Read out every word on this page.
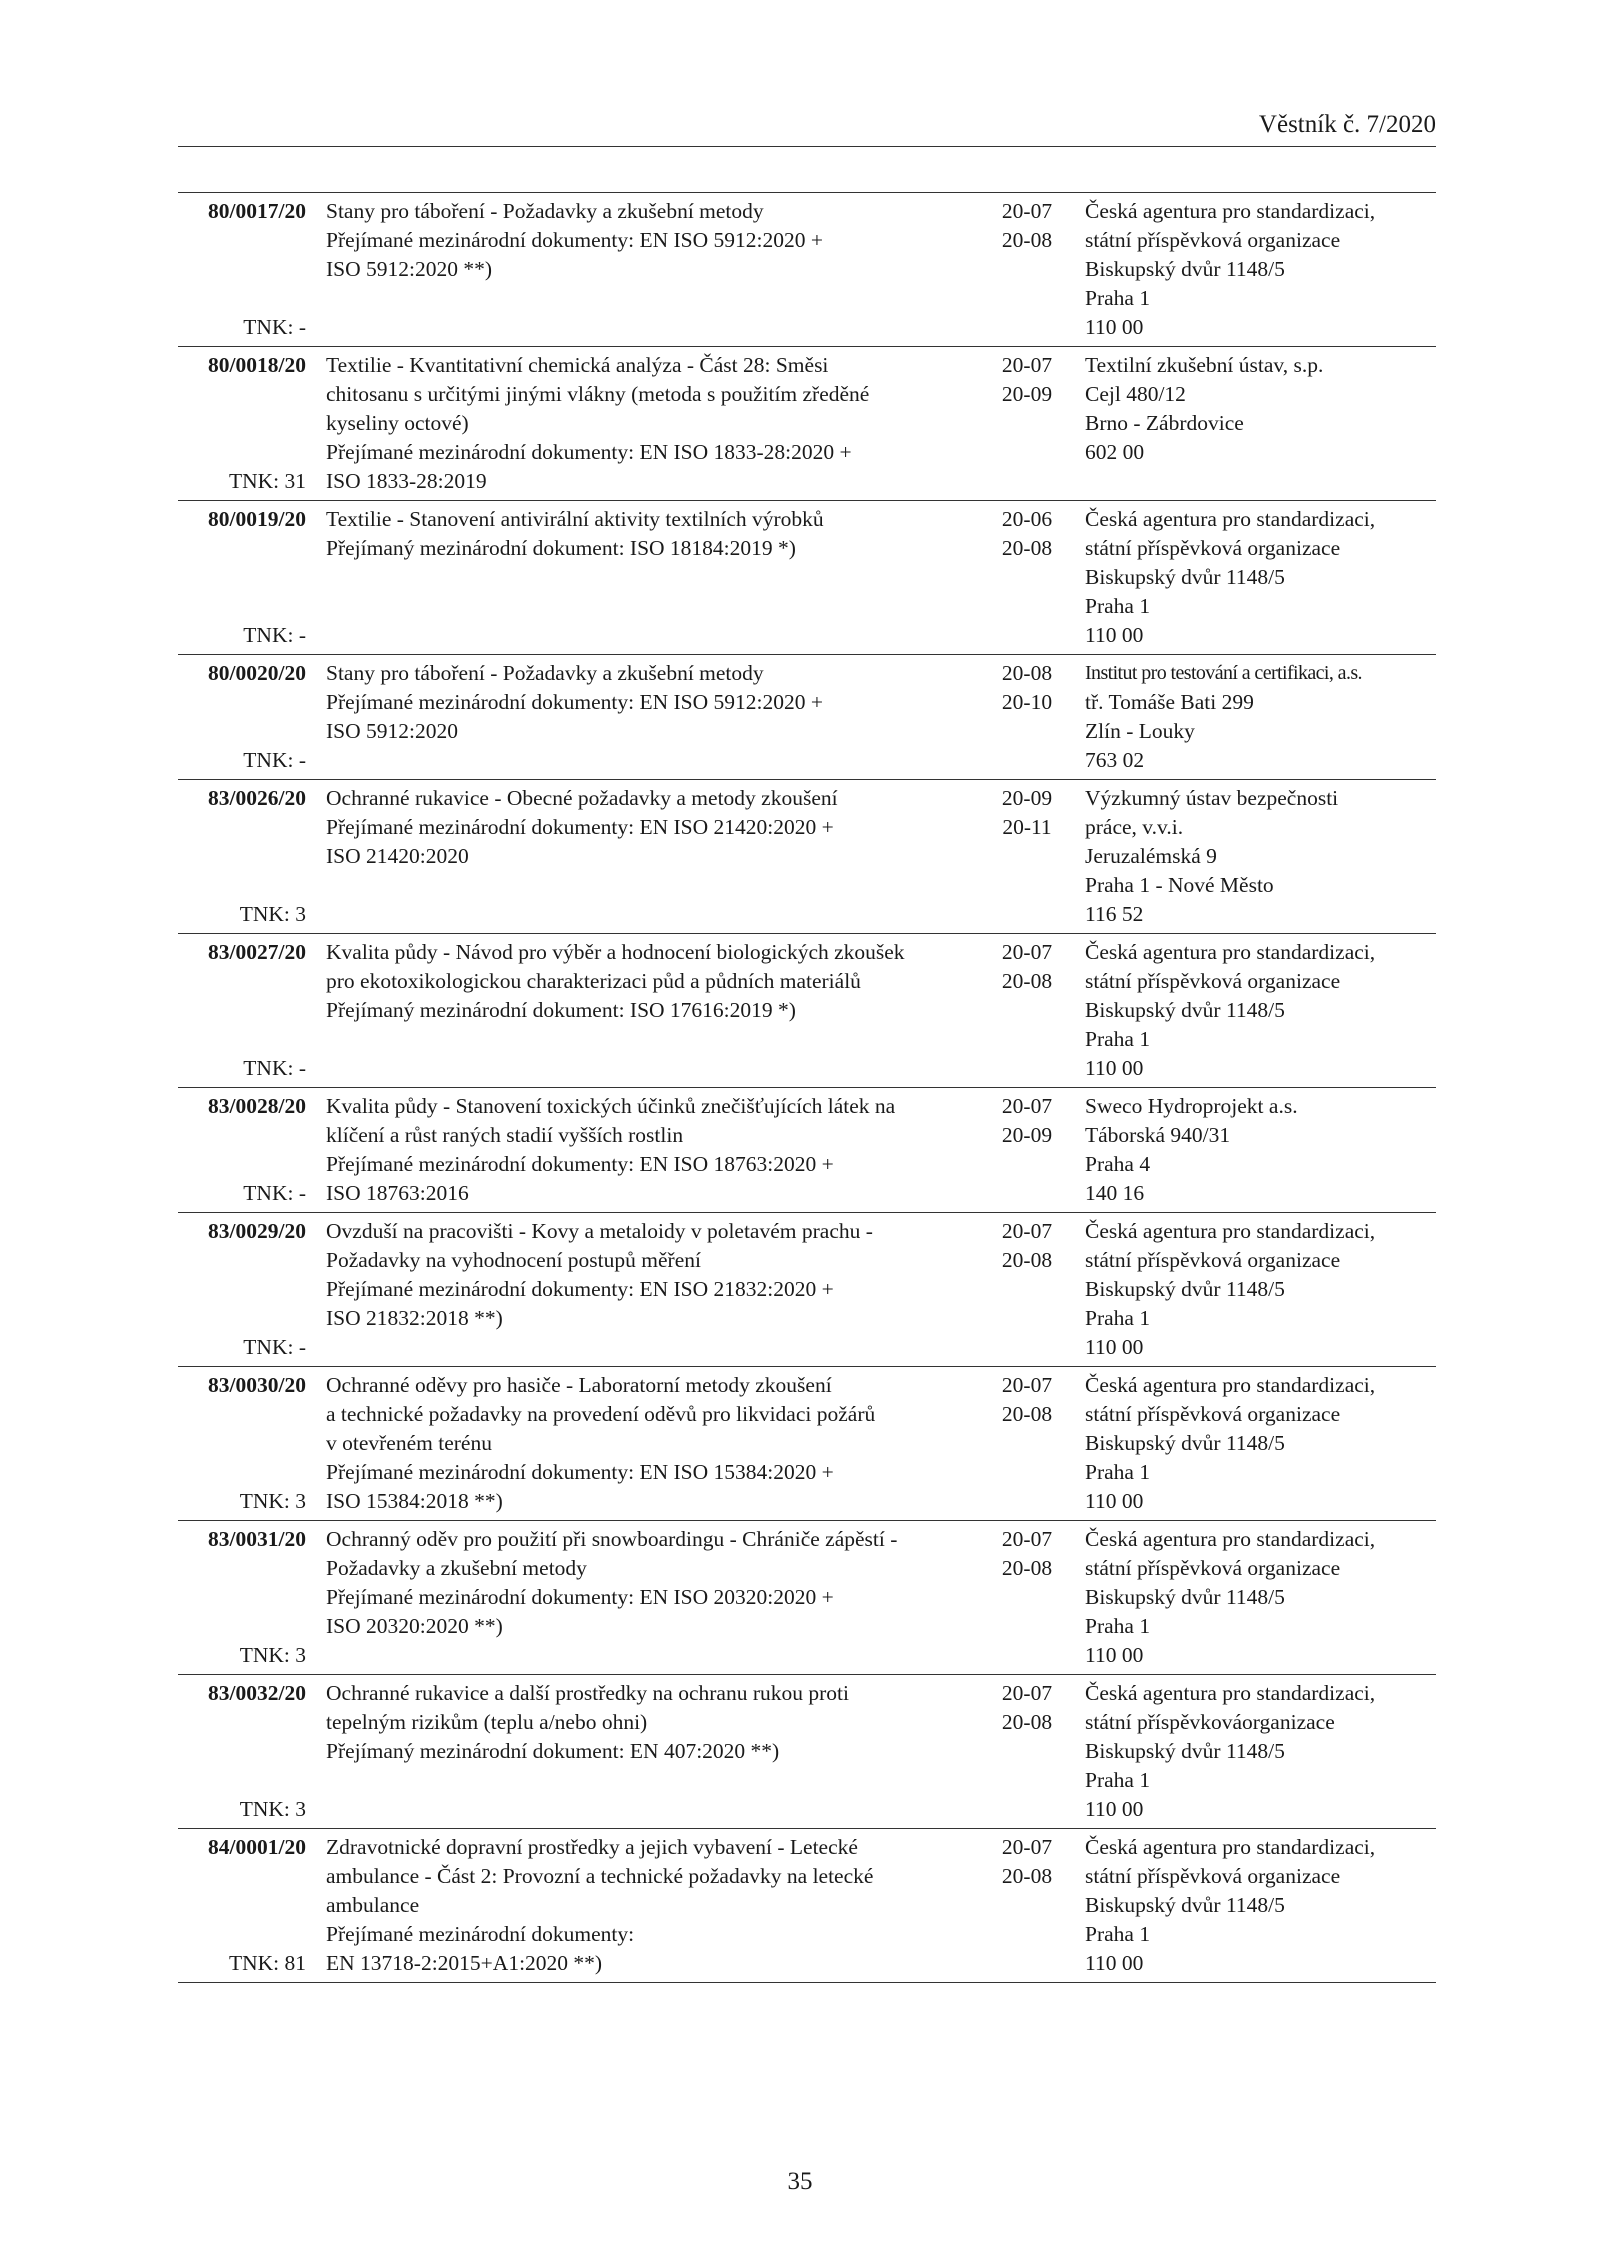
Věstník č. 7/2020
80/0017/20
TNK: -
Stany pro táboření - Požadavky a zkušební metody
Přejímané mezinárodní dokumenty: EN ISO 5912:2020 +
ISO 5912:2020 **)
20-07
20-08
Česká agentura pro standardizaci,
státní příspěvková organizace
Biskupský dvůr 1148/5
Praha 1
110 00
80/0018/20
TNK: 31
Textilie - Kvantitativní chemická analýza - Část 28: Směsi
chitosanu s určitými jinými vlákny (metoda s použitím zředěné
kyseliny octové)
Přejímané mezinárodní dokumenty: EN ISO 1833-28:2020 +
ISO 1833-28:2019
20-07
20-09
Textilní zkušební ústav, s.p.
Cejl 480/12
Brno - Zábrdovice
602 00
80/0019/20
TNK: -
Textilie - Stanovení antivirální aktivity textilních výrobků
Přejímaný mezinárodní dokument: ISO 18184:2019 *)
20-06
20-08
Česká agentura pro standardizaci,
státní příspěvková organizace
Biskupský dvůr 1148/5
Praha 1
110 00
80/0020/20
TNK: -
Stany pro táboření - Požadavky a zkušební metody
Přejímané mezinárodní dokumenty: EN ISO 5912:2020 +
ISO 5912:2020
20-08
20-10
Institut pro testování a certifikaci, a.s.
tř. Tomáše Bati 299
Zlín - Louky
763 02
83/0026/20
TNK: 3
Ochranné rukavice - Obecné požadavky a metody zkoušení
Přejímané mezinárodní dokumenty: EN ISO 21420:2020 +
ISO 21420:2020
20-09
20-11
Výzkumný ústav bezpečnosti
práce, v.v.i.
Jeruzalémská 9
Praha 1 - Nové Město
116 52
83/0027/20
TNK: -
Kvalita půdy - Návod pro výběr a hodnocení biologických zkoušek
pro ekotoxikologickou charakterizaci půd a půdních materiálů
Přejímaný mezinárodní dokument: ISO 17616:2019 *)
20-07
20-08
Česká agentura pro standardizaci,
státní příspěvková organizace
Biskupský dvůr 1148/5
Praha 1
110 00
83/0028/20
TNK: -
Kvalita půdy - Stanovení toxických účinků znečišťujících látek na
klíčení a růst raných stadií vyšších rostlin
Přejímané mezinárodní dokumenty: EN ISO 18763:2020 +
ISO 18763:2016
20-07
20-09
Sweco Hydroprojekt a.s.
Táborská 940/31
Praha 4
140 16
83/0029/20
TNK: -
Ovzduší na pracovišti - Kovy a metaloidy v poletavém prachu -
Požadavky na vyhodnocení postupů měření
Přejímané mezinárodní dokumenty: EN ISO 21832:2020 +
ISO 21832:2018 **)
20-07
20-08
Česká agentura pro standardizaci,
státní příspěvková organizace
Biskupský dvůr 1148/5
Praha 1
110 00
83/0030/20
TNK: 3
Ochranné oděvy pro hasiče - Laboratorní metody zkoušení
a technické požadavky na provedení oděvů pro likvidaci požárů
v otevřeném terénu
Přejímané mezinárodní dokumenty: EN ISO 15384:2020 +
ISO 15384:2018 **)
20-07
20-08
Česká agentura pro standardizaci,
státní příspěvková organizace
Biskupský dvůr 1148/5
Praha 1
110 00
83/0031/20
TNK: 3
Ochranný oděv pro použití při snowboardingu - Chrániče zápěstí -
Požadavky a zkušební metody
Přejímané mezinárodní dokumenty: EN ISO 20320:2020 +
ISO 20320:2020 **)
20-07
20-08
Česká agentura pro standardizaci,
státní příspěvková organizace
Biskupský dvůr 1148/5
Praha 1
110 00
83/0032/20
TNK: 3
Ochranné rukavice a další prostředky na ochranu rukou proti
tepelným rizikům (teplu a/nebo ohni)
Přejímaný mezinárodní dokument: EN 407:2020 **)
20-07
20-08
Česká agentura pro standardizaci,
státní příspěvkováorganizace
Biskupský dvůr 1148/5
Praha 1
110 00
84/0001/20
TNK: 81
Zdravotnické dopravní prostředky a jejich vybavení - Letecké
ambulance - Část 2: Provozní a technické požadavky na letecké
ambulance
Přejímané mezinárodní dokumenty:
EN 13718-2:2015+A1:2020 **)
20-07
20-08
Česká agentura pro standardizaci,
státní příspěvková organizace
Biskupský dvůr 1148/5
Praha 1
110 00
35
